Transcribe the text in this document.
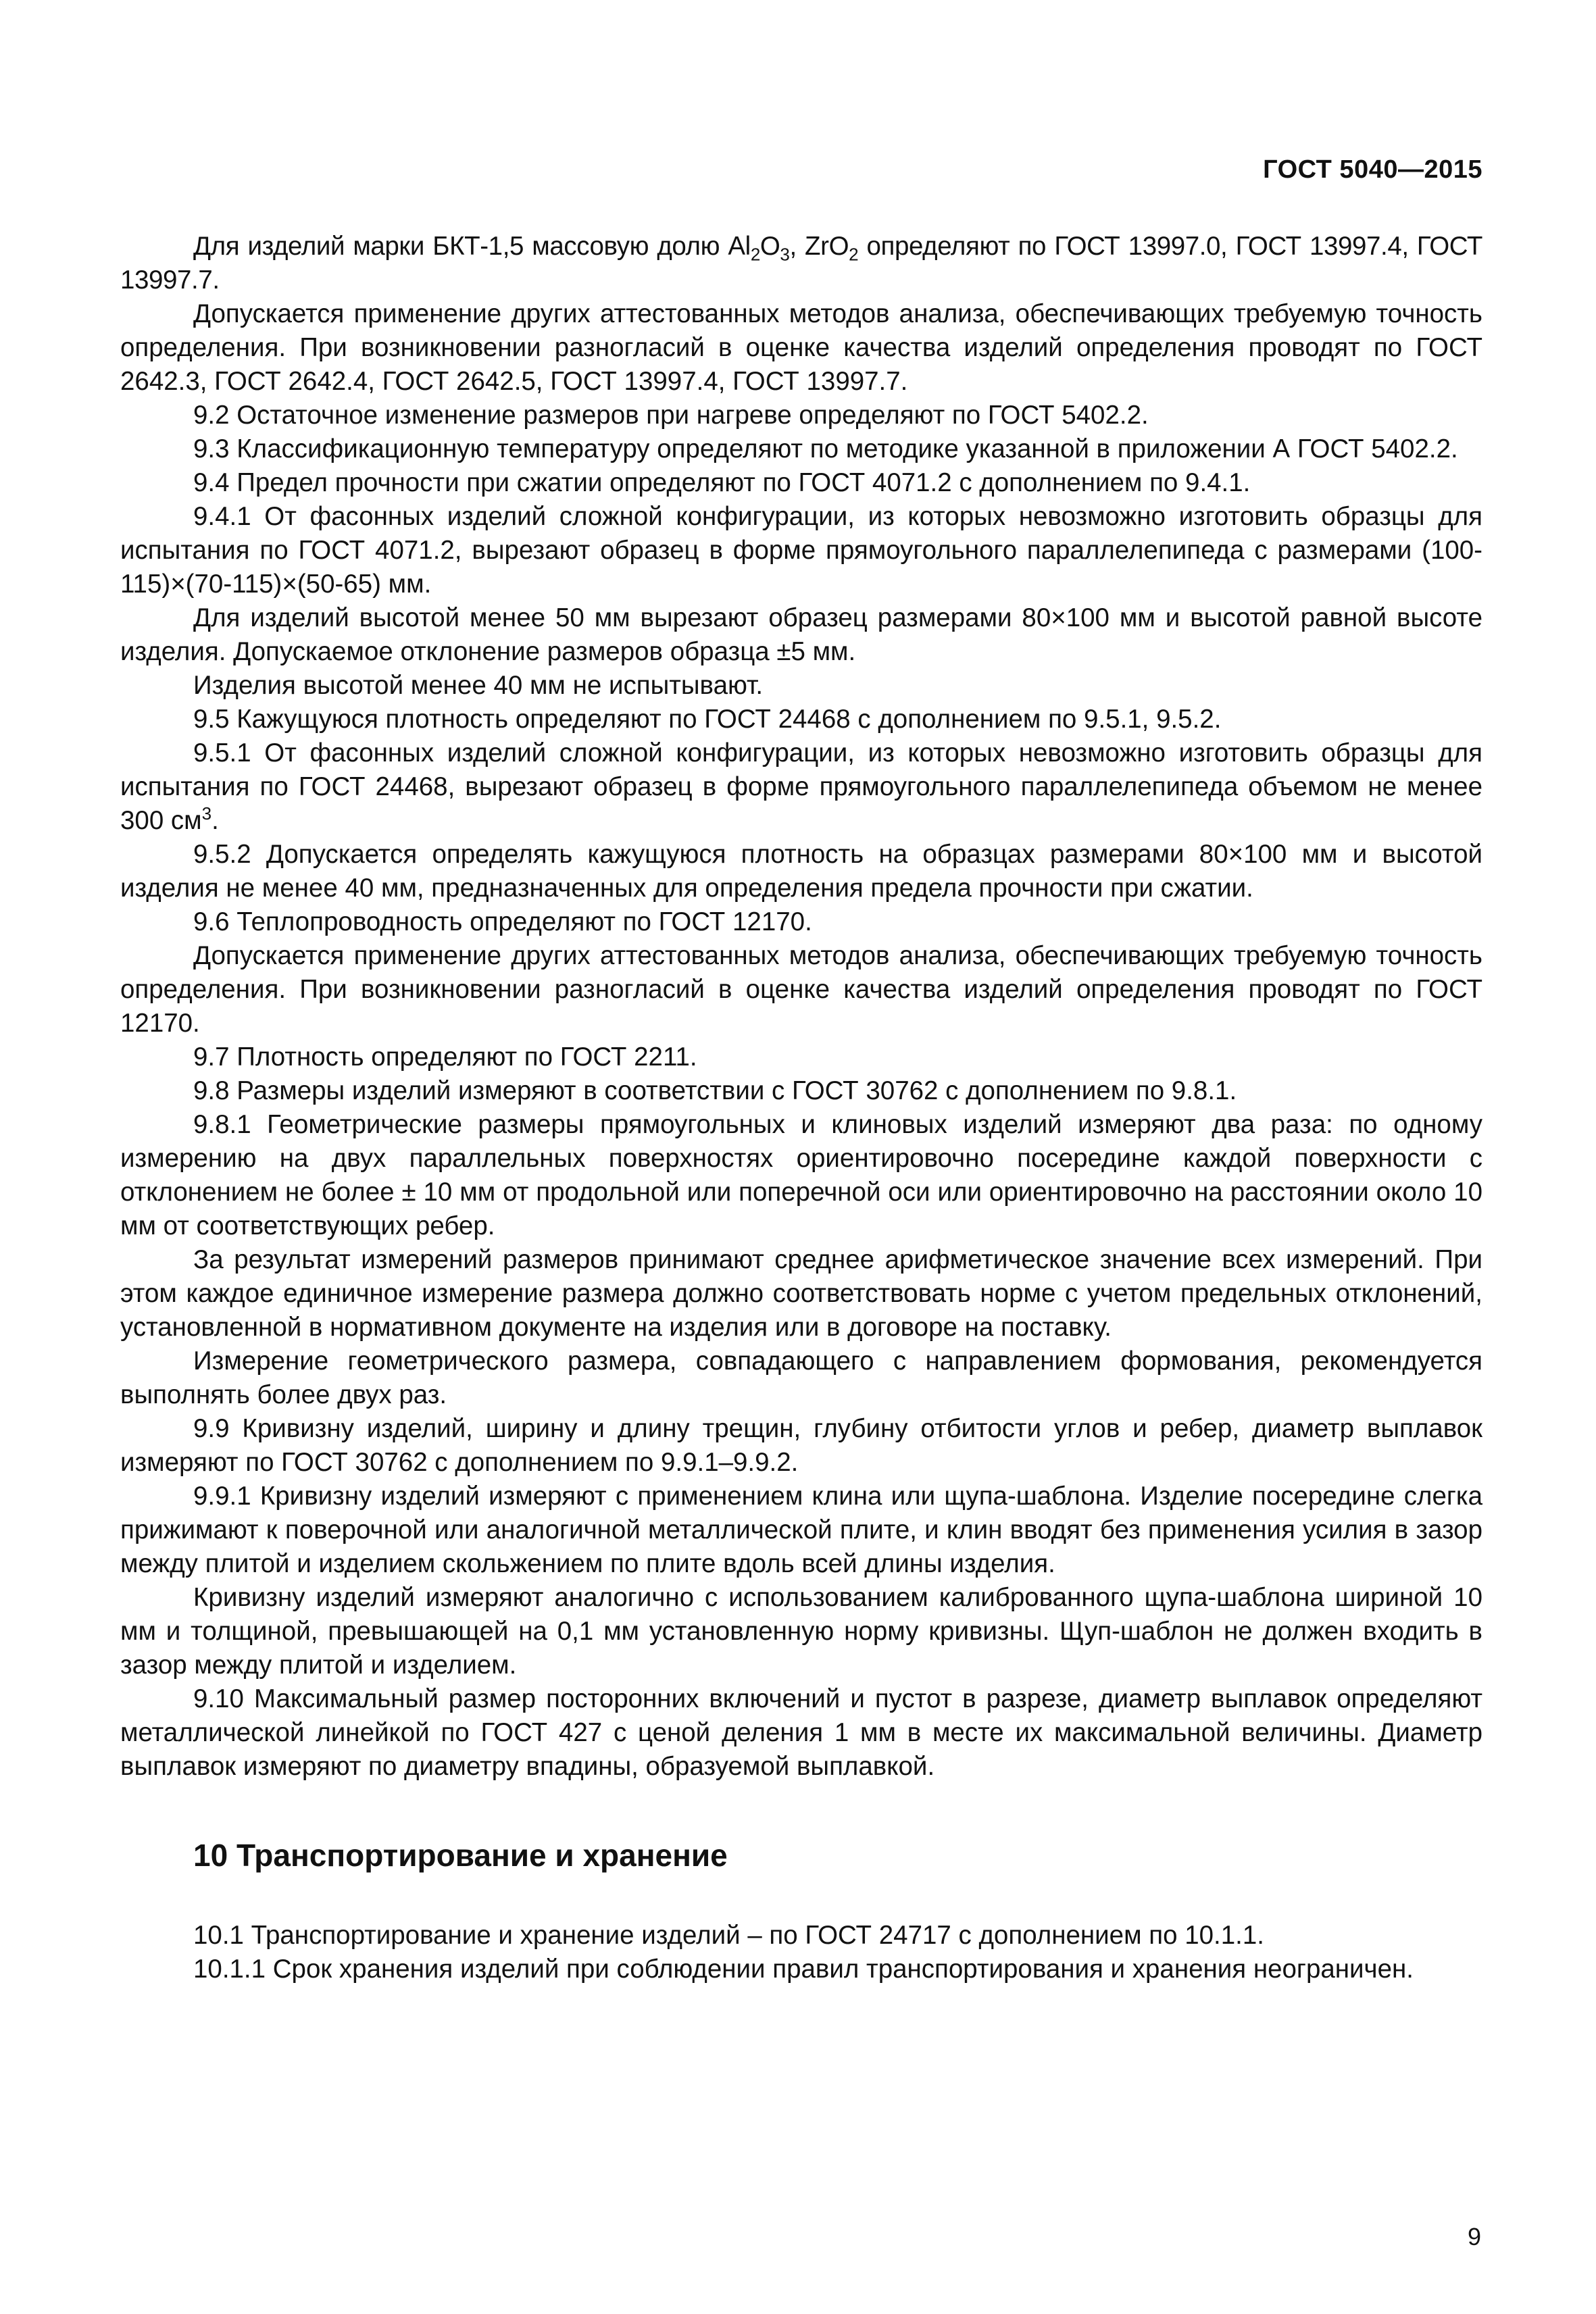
ГОСТ 5040—2015

Для изделий марки БКТ-1,5 массовую долю $Al_2O_3$, ZrO$_2$ определяют по ГОСТ 13997.0, ГОСТ 13997.4, ГОСТ 13997.7.

Допускается применение других аттестованных методов анализа, обеспечивающих требуемую точность определения. При возникновении разногласий в оценке качества изделий определения проводят по ГОСТ 2642.3, ГОСТ 2642.4, ГОСТ 2642.5, ГОСТ 13997.4, ГОСТ 13997.7.

9.2 Остаточное изменение размеров при нагреве определяют по ГОСТ 5402.2.

9.3 Классификационную температуру определяют по методике указанной в приложении А ГОСТ 5402.2.

9.4 Предел прочности при сжатии определяют по ГОСТ 4071.2 с дополнением по 9.4.1.

9.4.1 От фасонных изделий сложной конфигурации, из которых невозможно изготовить образцы для испытания по ГОСТ 4071.2, вырезают образец в форме прямоугольного параллелепипеда с размерами (100-115)×(70-115)×(50-65) мм.

Для изделий высотой менее 50 мм вырезают образец размерами 80×100 мм и высотой равной высоте изделия. Допускаемое отклонение размеров образца ±5 мм.

Изделия высотой менее 40 мм не испытывают.

9.5 Кажущуюся плотность определяют по ГОСТ 24468 с дополнением по 9.5.1, 9.5.2.

9.5.1 От фасонных изделий сложной конфигурации, из которых невозможно изготовить образцы для испытания по ГОСТ 24468, вырезают образец в форме прямоугольного параллелепипеда объемом не менее 300 $см^3$.

9.5.2 Допускается определять кажущуюся плотность на образцах размерами 80×100 мм и высотой изделия не менее 40 мм, предназначенных для определения предела прочности при сжатии.

9.6 Теплопроводность определяют по ГОСТ 12170.

Допускается применение других аттестованных методов анализа, обеспечивающих требуемую точность определения. При возникновении разногласий в оценке качества изделий определения проводят по ГОСТ 12170.

9.7 Плотность определяют по ГОСТ 2211.

9.8 Размеры изделий измеряют в соответствии с ГОСТ 30762 с дополнением по 9.8.1.

9.8.1 Геометрические размеры прямоугольных и клиновых изделий измеряют два раза: по одному измерению на двух параллельных поверхностях ориентировочно посередине каждой поверхности с отклонением не более ± 10 мм от продольной или поперечной оси или ориентировочно на расстоянии около 10 мм от соответствующих ребер.

За результат измерений размеров принимают среднее арифметическое значение всех измерений. При этом каждое единичное измерение размера должно соответствовать норме с учетом предельных отклонений, установленной в нормативном документе на изделия или в договоре на поставку.

Измерение геометрического размера, совпадающего с направлением формования, рекомендуется выполнять более двух раз.

9.9 Кривизну изделий, ширину и длину трещин, глубину отбитости углов и ребер, диаметр выплавок измеряют по ГОСТ 30762 с дополнением по 9.9.1–9.9.2.

9.9.1 Кривизну изделий измеряют с применением клина или щупа-шаблона. Изделие посередине слегка прижимают к поверочной или аналогичной металлической плите, и клин вводят без применения усилия в зазор между плитой и изделием скольжением по плите вдоль всей длины изделия.

Кривизну изделий измеряют аналогично с использованием калиброванного щупа-шаблона шириной 10 мм и толщиной, превышающей на 0,1 мм установленную норму кривизны. Щуп-шаблон не должен входить в зазор между плитой и изделием.

9.10 Максимальный размер посторонних включений и пустот в разрезе, диаметр выплавок определяют металлической линейкой по ГОСТ 427 с ценой деления 1 мм в месте их максимальной величины. Диаметр выплавок измеряют по диаметру впадины, образуемой выплавкой.

10 Транспортирование и хранение

10.1 Транспортирование и хранение изделий – по ГОСТ 24717 с дополнением по 10.1.1.

10.1.1 Срок хранения изделий при соблюдении правил транспортирования и хранения неограничен.

9
